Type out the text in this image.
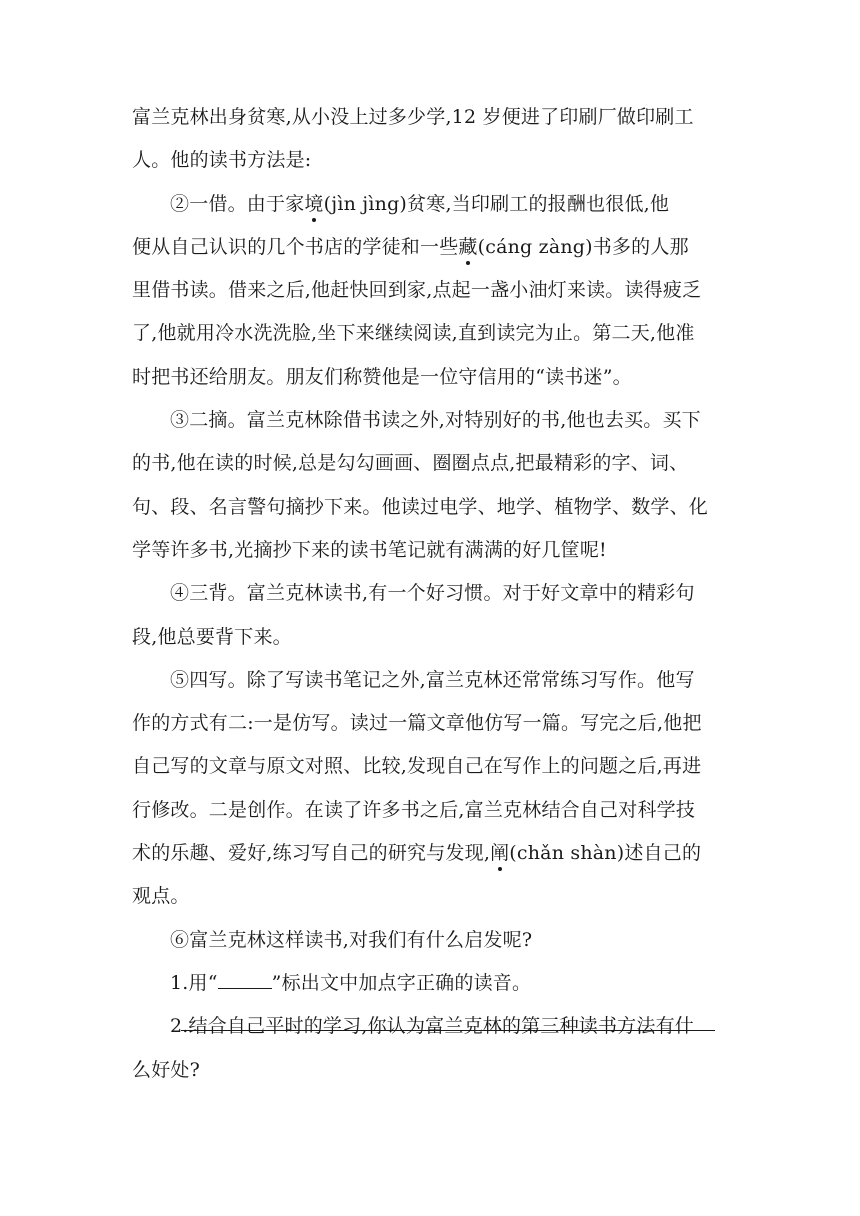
富兰克林出身贫寒,从小没上过多少学,12 岁便进了印刷厂做印刷工
人。他的读书方法是:
②一借。由于家境(jìn jìng)贫寒,当印刷工的报酬也很低,他
便从自己认识的几个书店的学徒和一些藏(cáng zàng)书多的人那
里借书读。借来之后,他赶快回到家,点起一盏小油灯来读。读得疲乏
了,他就用冷水洗洗脸,坐下来继续阅读,直到读完为止。第二天,他准
时把书还给朋友。朋友们称赞他是一位守信用的“读书迷”。
③二摘。富兰克林除借书读之外,对特别好的书,他也去买。买下
的书,他在读的时候,总是勾勾画画、圈圈点点,把最精彩的字、词、
句、段、名言警句摘抄下来。他读过电学、地学、植物学、数学、化
学等许多书,光摘抄下来的读书笔记就有满满的好几筐呢!
④三背。富兰克林读书,有一个好习惯。对于好文章中的精彩句
段,他总要背下来。
⑤四写。除了写读书笔记之外,富兰克林还常常练习写作。他写
作的方式有二:一是仿写。读过一篇文章他仿写一篇。写完之后,他把
自己写的文章与原文对照、比较,发现自己在写作上的问题之后,再进
行修改。二是创作。在读了许多书之后,富兰克林结合自己对科学技
术的乐趣、爱好,练习写自己的研究与发现,阐(chǎn shàn)述自己的
观点。
⑥富兰克林这样读书,对我们有什么启发呢?
1.用“	”标出文中加点字正确的读音。
2.结合自己平时的学习,你认为富兰克林的第三种读书方法有什
么好处?
